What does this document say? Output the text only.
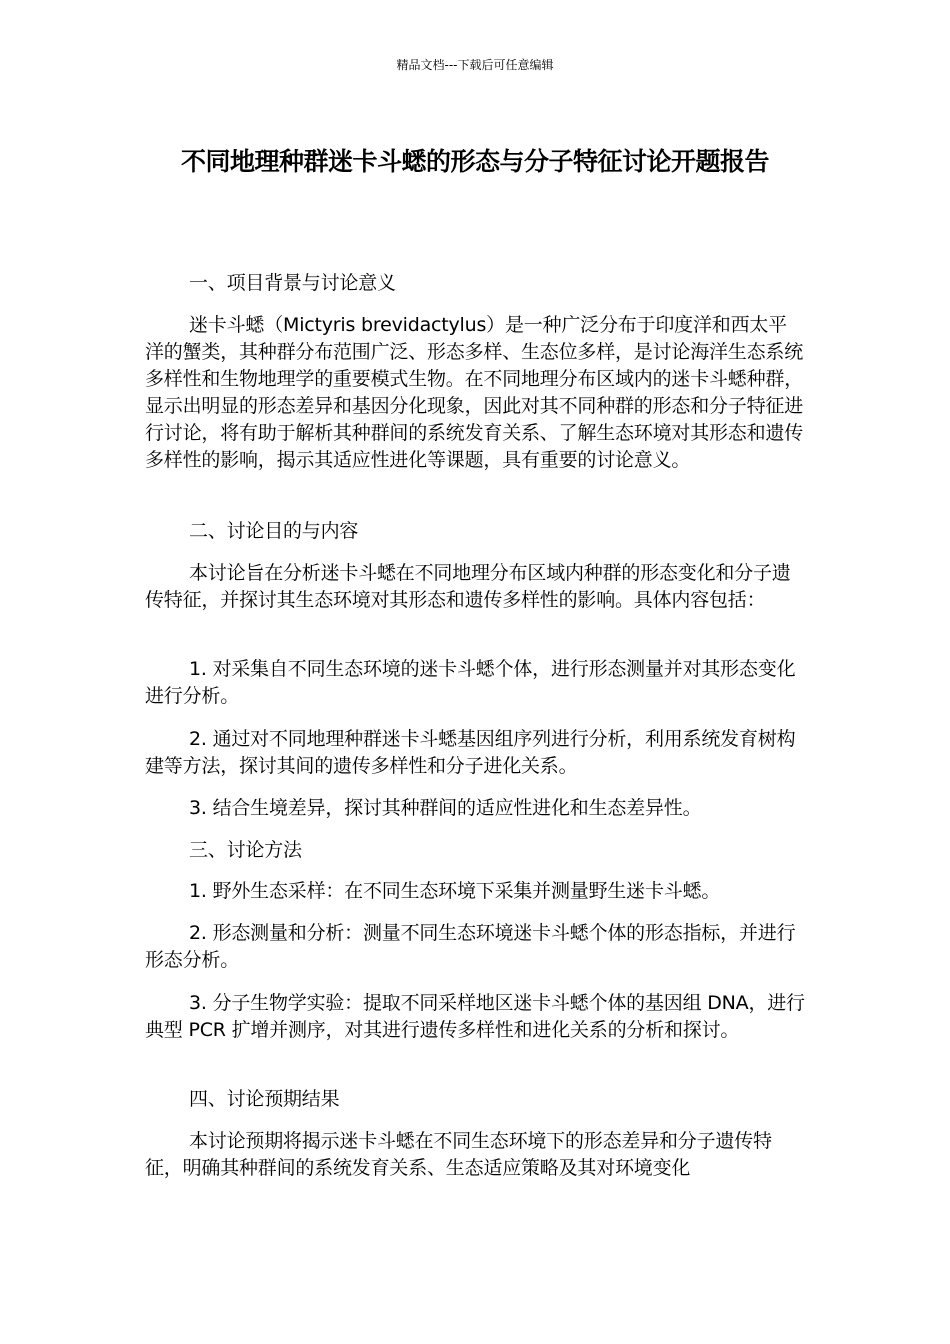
精品文档---下载后可任意编辑
不同地理种群迷卡斗蟋的形态与分子特征讨论开题报告

一、项目背景与讨论意义

迷卡斗蟋（Mictyris brevidactylus）是一种广泛分布于印度洋和西太平洋的蟹类，其种群分布范围广泛、形态多样、生态位多样，是讨论海洋生态系统多样性和生物地理学的重要模式生物。在不同地理分布区域内的迷卡斗蟋种群，显示出明显的形态差异和基因分化现象，因此对其不同种群的形态和分子特征进行讨论，将有助于解析其种群间的系统发育关系、了解生态环境对其形态和遗传多样性的影响，揭示其适应性进化等课题，具有重要的讨论意义。

二、讨论目的与内容

本讨论旨在分析迷卡斗蟋在不同地理分布区域内种群的形态变化和分子遗传特征，并探讨其生态环境对其形态和遗传多样性的影响。具体内容包括：

1. 对采集自不同生态环境的迷卡斗蟋个体，进行形态测量并对其形态变化进行分析。

2. 通过对不同地理种群迷卡斗蟋基因组序列进行分析，利用系统发育树构建等方法，探讨其间的遗传多样性和分子进化关系。

3. 结合生境差异，探讨其种群间的适应性进化和生态差异性。

三、讨论方法

1. 野外生态采样：在不同生态环境下采集并测量野生迷卡斗蟋。

2. 形态测量和分析：测量不同生态环境迷卡斗蟋个体的形态指标，并进行形态分析。

3. 分子生物学实验：提取不同采样地区迷卡斗蟋个体的基因组 DNA，进行典型 PCR 扩增并测序，对其进行遗传多样性和进化关系的分析和探讨。

四、讨论预期结果

本讨论预期将揭示迷卡斗蟋在不同生态环境下的形态差异和分子遗传特征，明确其种群间的系统发育关系、生态适应策略及其对环境变化
